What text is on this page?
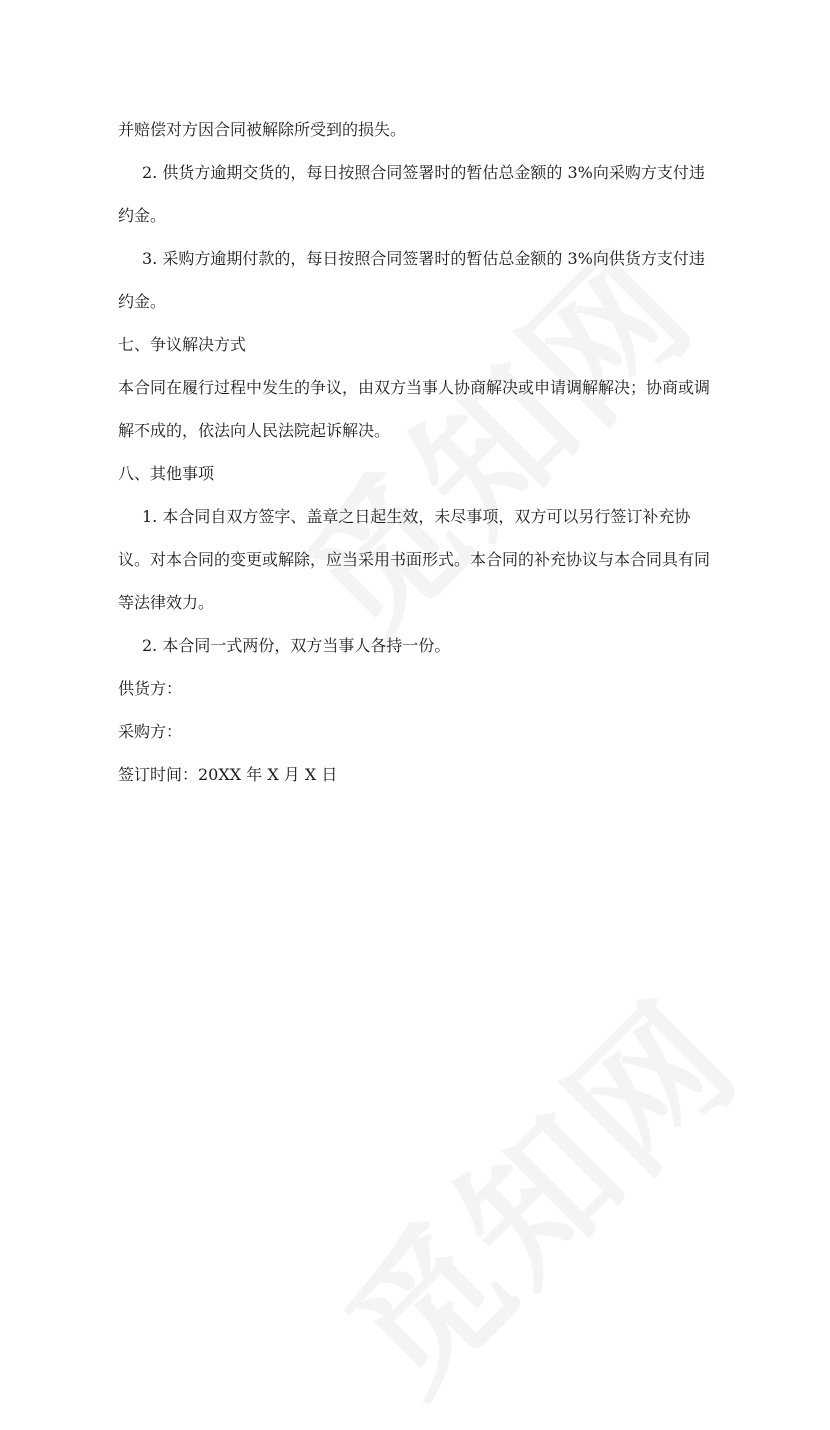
并赔偿对方因合同被解除所受到的损失。

2. 供货方逾期交货的，每日按照合同签署时的暂估总金额的 3%向采购方支付违约金。

3. 采购方逾期付款的，每日按照合同签署时的暂估总金额的 3%向供货方支付违约金。

七、争议解决方式

本合同在履行过程中发生的争议，由双方当事人协商解决或申请调解解决；协商或调解不成的，依法向人民法院起诉解决。

八、其他事项

1. 本合同自双方签字、盖章之日起生效，未尽事项，双方可以另行签订补充协议。对本合同的变更或解除，应当采用书面形式。本合同的补充协议与本合同具有同等法律效力。

2. 本合同一式两份，双方当事人各持一份。

供货方：

采购方：

签订时间：20XX 年 X 月 X 日
